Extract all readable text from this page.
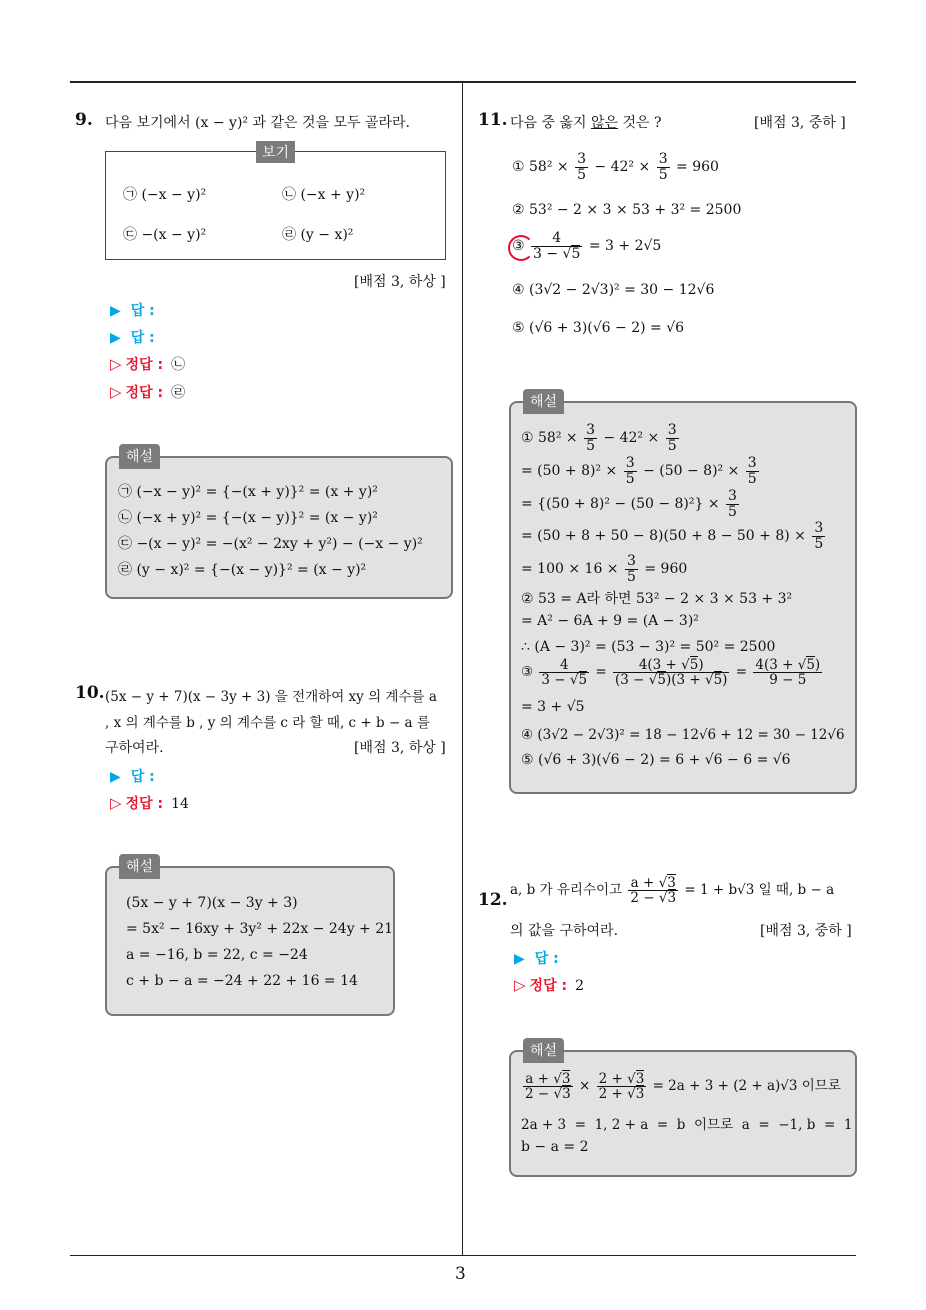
3
9. 다음 보기에서 (x − y)² 과 같은 것을 모두 골라라.
보기
㉠ (−x − y)²	㉡ (−x + y)²
㉢ −(x − y)²	㉣ (y − x)²
[배점 3, 하상 ]
▶ 답 :
▶ 답 :
▷ 정답 : ㉡
▷ 정답 : ㉣
해설
㉠ (−x − y)² = {−(x + y)}² = (x + y)²
㉡ (−x + y)² = {−(x − y)}² = (x − y)²
㉢ −(x − y)² = −(x² − 2xy + y²) − (−x − y)²
㉣ (y − x)² = {−(x − y)}² = (x − y)²
10. (5x − y + 7)(x − 3y + 3) 을 전개하여 xy 의 계수를 a
, x 의 계수를 b , y 의 계수를 c 라 할 때, c + b − a 를
구하여라.	[배점 3, 하상 ]
▶ 답 :
▷ 정답 : 14
해설
(5x − y + 7)(x − 3y + 3)
= 5x² − 16xy + 3y² + 22x − 24y + 21
a = −16, b = 22, c = −24
c + b − a = −24 + 22 + 16 = 14
11. 다음 중 옳지 않은 것은 ?	[배점 3, 중하 ]
① $58^2 \times \frac{3}{5} - 42^2 \times \frac{3}{5} = 960$
② 53² − 2 × 3 × 53 + 3² = 2500
③
$\frac{4}{3 - √5} = 3 + 2√5$
④ (3√2 − 2√3)² = 30 − 12√6
⑤ (√6 + 3)(√6 − 2) = √6
해설
① $58^2 \times \frac{3}{5} - 42^2 \times \frac{3}{5}$
= $(50 + 8)^2 \times \frac{3}{5} - (50 - 8)^2 \times \frac{3}{5}$
= $\{(50 + 8)^2 - (50 - 8)^2\} \times \frac{3}{5}$
= $(50 + 8 + 50 - 8)(50 + 8 - 50 + 8) \times \frac{3}{5}$
= $100 \times 16 \times \frac{3}{5} = 960$
② 53 = A라 하면 53² − 2 × 3 × 53 + 3²
= A² − 6A + 9 = (A − 3)²
∴ (A − 3)² = (53 − 3)² = 50² = 2500
③ $\frac{4}{3 - √5} = \frac{4(3 + √5)}{(3 - √5)(3 + √5)} = \frac{4(3 + √5)}{9 - 5}$
= 3 + √5
④ (3√2 − 2√3)² = 18 − 12√6 + 12 = 30 − 12√6
⑤ (√6 + 3)(√6 − 2) = 6 + √6 − 6 = √6
12. a, b 가 유리수이고 $\frac{a + √3}{2 - √3} = 1 + b√3$ 일 때, b − a
의 값을 구하여라.	[배점 3, 중하 ]
▶ 답 :
▷ 정답 : 2
해설
$\frac{a + √3}{2 - √3} \times \frac{2 + √3}{2 + √3} = 2a + 3 + (2 + a)√3$ 이므로
2a + 3  =  1, 2 + a  =  b  이므로  a  =  −1, b  =  1
b − a = 2
